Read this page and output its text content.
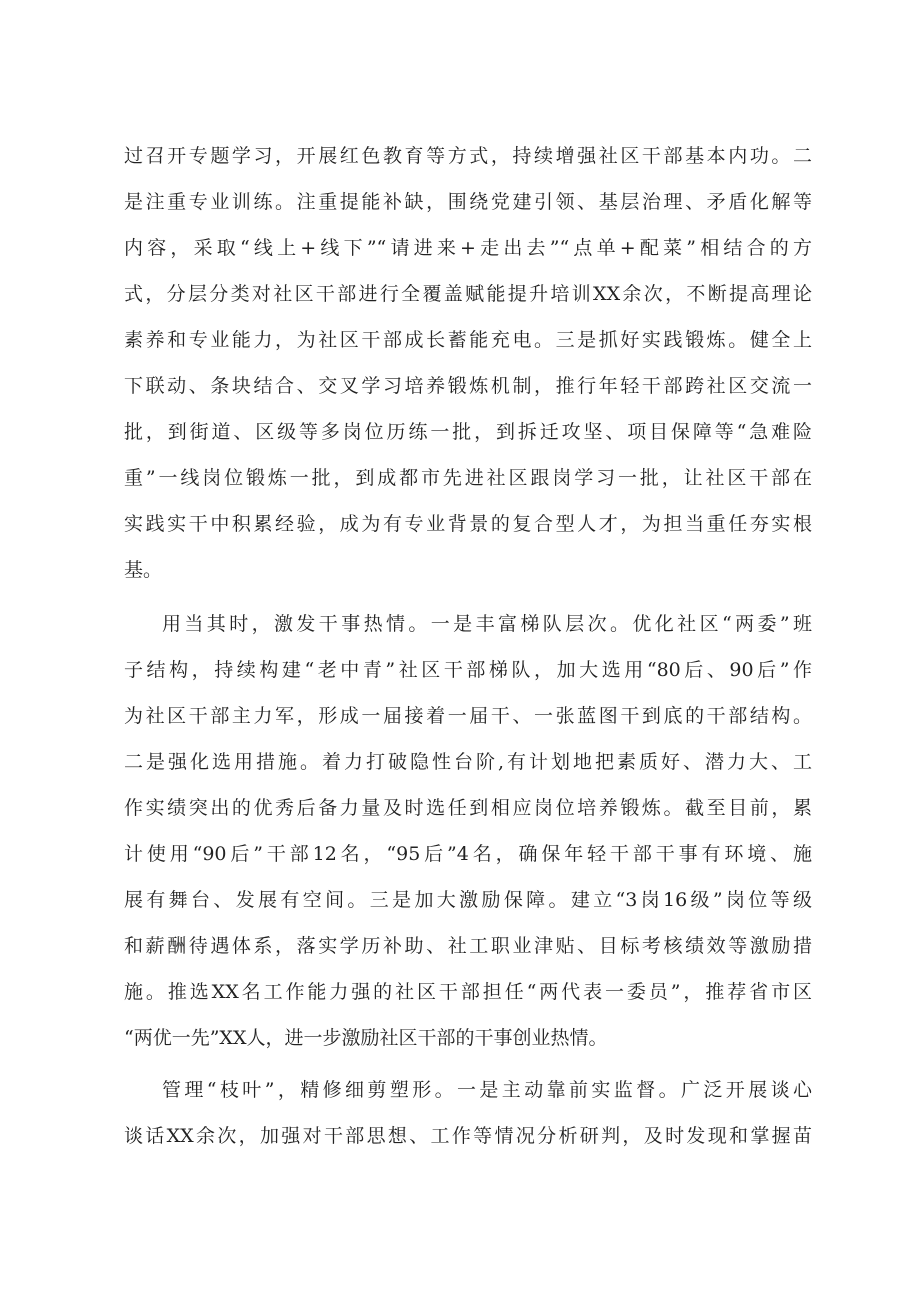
过召开专题学习，开展红色教育等方式，持续增强社区干部基本内功。二
是注重专业训练。注重提能补缺，围绕党建引领、基层治理、矛盾化解等
内容，采取“线上+线下”“请进来+走出去”“点单+配菜”相结合的方
式，分层分类对社区干部进行全覆盖赋能提升培训XX余次，不断提高理论
素养和专业能力，为社区干部成长蓄能充电。三是抓好实践锻炼。健全上
下联动、条块结合、交叉学习培养锻炼机制，推行年轻干部跨社区交流一
批，到街道、区级等多岗位历练一批，到拆迁攻坚、项目保障等“急难险
重”一线岗位锻炼一批，到成都市先进社区跟岗学习一批，让社区干部在
实践实干中积累经验，成为有专业背景的复合型人才，为担当重任夯实根
基。
用当其时，激发干事热情。一是丰富梯队层次。优化社区“两委”班
子结构，持续构建“老中青”社区干部梯队，加大选用“80后、90后”作
为社区干部主力军，形成一届接着一届干、一张蓝图干到底的干部结构。
二是强化选用措施。着力打破隐性台阶,有计划地把素质好、潜力大、工
作实绩突出的优秀后备力量及时选任到相应岗位培养锻炼。截至目前，累
计使用“90后”干部12名，“95后”4名，确保年轻干部干事有环境、施
展有舞台、发展有空间。三是加大激励保障。建立“3岗16级”岗位等级
和薪酬待遇体系，落实学历补助、社工职业津贴、目标考核绩效等激励措
施。推选XX名工作能力强的社区干部担任“两代表一委员”，推荐省市区
“两优一先”XX人，进一步激励社区干部的干事创业热情。
管理“枝叶”，精修细剪塑形。一是主动靠前实监督。广泛开展谈心
谈话XX余次，加强对干部思想、工作等情况分析研判，及时发现和掌握苗
